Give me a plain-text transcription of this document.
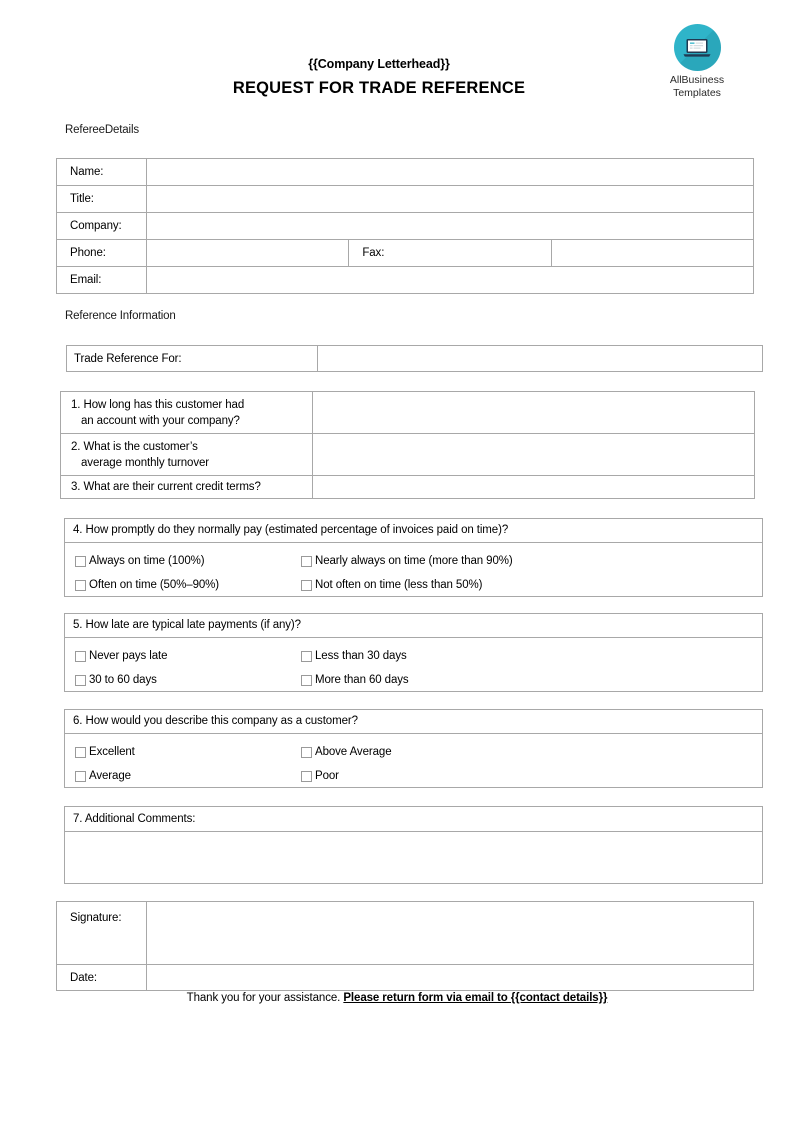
{{Company Letterhead}}
REQUEST FOR TRADE REFERENCE	AllBusiness
Templates
RefereeDetails
Name:			
Title:			
Company:			
Phone:		Fax:	
Email:			
Reference Information
Trade Reference For:	
1. How long has this customer had
an account with your company?	

2. What is the customer’s
average monthly turnover	

3. What are their current credit terms?	

4. How promptly do they normally pay (estimated percentage of invoices paid on time)?
Always on time (100%)	Nearly always on time (more than 90%)
Often on time (50%–90%)	Not often on time (less than 50%)
5. How late are typical late payments (if any)?
Never pays late	Less than 30 days
30 to 60 days	More than 60 days
6. How would you describe this company as a customer?
Excellent	Above Average
Average	Poor
7. Additional Comments:
Signature:	

Date:	
Thank you for your assistance. Please return form via email to {{contact details}}
